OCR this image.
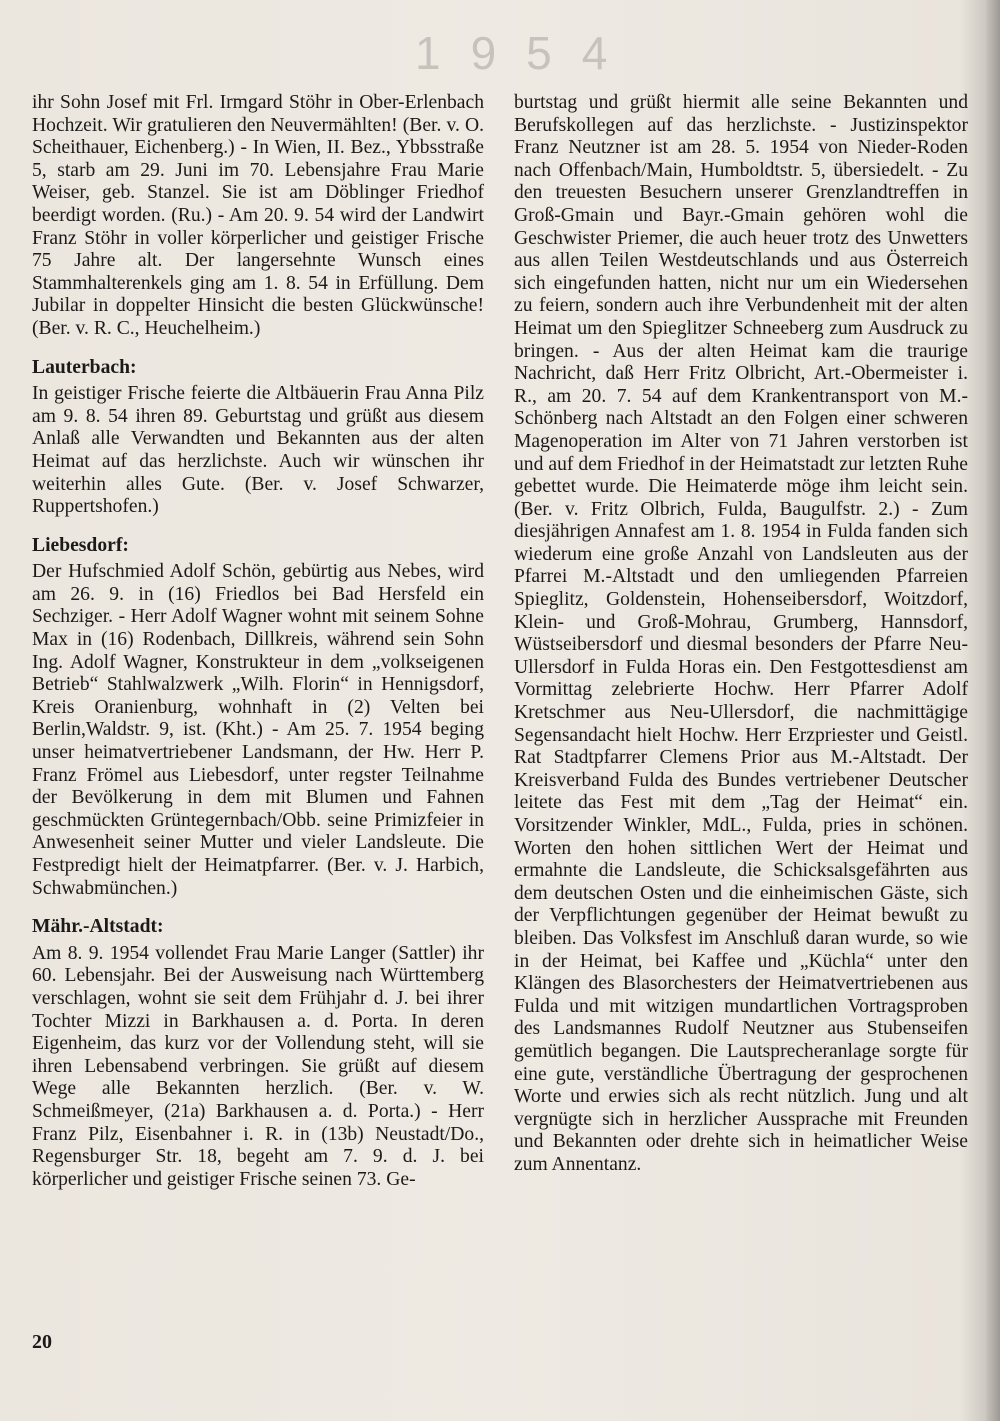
1954

ihr Sohn Josef mit Frl. Irmgard Stöhr in Ober-Erlenbach Hochzeit. Wir gratulieren den Neuvermählten! (Ber. v. O. Scheithauer, Eichenberg.) - In Wien, II. Bez., Ybbsstraße 5, starb am 29. Juni im 70. Lebensjahre Frau Marie Weiser, geb. Stanzel. Sie ist am Döblinger Friedhof beerdigt worden. (Ru.) - Am 20. 9. 54 wird der Landwirt Franz Stöhr in voller körperlicher und geistiger Frische 75 Jahre alt. Der langersehnte Wunsch eines Stammhalterenkels ging am 1. 8. 54 in Erfüllung. Dem Jubilar in doppelter Hinsicht die besten Glückwünsche! (Ber. v. R. C., Heuchelheim.)

Lauterbach:

In geistiger Frische feierte die Altbäuerin Frau Anna Pilz am 9. 8. 54 ihren 89. Geburtstag und grüßt aus diesem Anlaß alle Verwandten und Bekannten aus der alten Heimat auf das herzlichste. Auch wir wünschen ihr weiterhin alles Gute. (Ber. v. Josef Schwarzer, Ruppertshofen.)

Liebesdorf:

Der Hufschmied Adolf Schön, gebürtig aus Nebes, wird am 26. 9. in (16) Friedlos bei Bad Hersfeld ein Sechziger. - Herr Adolf Wagner wohnt mit seinem Sohne Max in (16) Rodenbach, Dillkreis, während sein Sohn Ing. Adolf Wagner, Konstrukteur in dem „volkseigenen Betrieb“ Stahlwalzwerk „Wilh. Florin“ in Hennigsdorf, Kreis Oranienburg, wohnhaft in (2) Velten bei Berlin,Waldstr. 9, ist. (Kht.) - Am 25. 7. 1954 beging unser heimatvertriebener Landsmann, der Hw. Herr P. Franz Frömel aus Liebesdorf, unter regster Teilnahme der Bevölkerung in dem mit Blumen und Fahnen geschmückten Grüntegernbach/Obb. seine Primizfeier in Anwesenheit seiner Mutter und vieler Landsleute. Die Festpredigt hielt der Heimatpfarrer. (Ber. v. J. Harbich, Schwabmünchen.)

Mähr.-Altstadt:

Am 8. 9. 1954 vollendet Frau Marie Langer (Sattler) ihr 60. Lebensjahr. Bei der Ausweisung nach Württemberg verschlagen, wohnt sie seit dem Frühjahr d. J. bei ihrer Tochter Mizzi in Barkhausen a. d. Porta. In deren Eigenheim, das kurz vor der Vollendung steht, will sie ihren Lebensabend verbringen. Sie grüßt auf diesem Wege alle Bekannten herzlich. (Ber. v. W. Schmeißmeyer, (21a) Barkhausen a. d. Porta.) - Herr Franz Pilz, Eisenbahner i. R. in (13b) Neustadt/Do., Regensburger Str. 18, begeht am 7. 9. d. J. bei körperlicher und geistiger Frische seinen 73. Ge-

burtstag und grüßt hiermit alle seine Bekannten und Berufskollegen auf das herzlichste. - Justizinspektor Franz Neutzner ist am 28. 5. 1954 von Nieder-Roden nach Offenbach/Main, Humboldtstr. 5, übersiedelt. - Zu den treuesten Besuchern unserer Grenzlandtreffen in Groß-Gmain und Bayr.-Gmain gehören wohl die Geschwister Priemer, die auch heuer trotz des Unwetters aus allen Teilen Westdeutschlands und aus Österreich sich eingefunden hatten, nicht nur um ein Wiedersehen zu feiern, sondern auch ihre Verbundenheit mit der alten Heimat um den Spieglitzer Schneeberg zum Ausdruck zu bringen. - Aus der alten Heimat kam die traurige Nachricht, daß Herr Fritz Olbricht, Art.-Obermeister i. R., am 20. 7. 54 auf dem Krankentransport von M.-Schönberg nach Altstadt an den Folgen einer schweren Magenoperation im Alter von 71 Jahren verstorben ist und auf dem Friedhof in der Heimatstadt zur letzten Ruhe gebettet wurde. Die Heimaterde möge ihm leicht sein. (Ber. v. Fritz Olbrich, Fulda, Baugulfstr. 2.) - Zum diesjährigen Annafest am 1. 8. 1954 in Fulda fanden sich wiederum eine große Anzahl von Landsleuten aus der Pfarrei M.-Altstadt und den umliegenden Pfarreien Spieglitz, Goldenstein, Hohenseibersdorf, Woitzdorf, Klein- und Groß-Mohrau, Grumberg, Hannsdorf, Wüstseibersdorf und diesmal besonders der Pfarre Neu-Ullersdorf in Fulda Horas ein. Den Festgottesdienst am Vormittag zelebrierte Hochw. Herr Pfarrer Adolf Kretschmer aus Neu-Ullersdorf, die nachmittägige Segensandacht hielt Hochw. Herr Erzpriester und Geistl. Rat Stadtpfarrer Clemens Prior aus M.-Altstadt. Der Kreisverband Fulda des Bundes vertriebener Deutscher leitete das Fest mit dem „Tag der Heimat“ ein. Vorsitzender Winkler, MdL., Fulda, pries in schönen. Worten den hohen sittlichen Wert der Heimat und ermahnte die Landsleute, die Schicksalsgefährten aus dem deutschen Osten und die einheimischen Gäste, sich der Verpflichtungen gegenüber der Heimat bewußt zu bleiben. Das Volksfest im Anschluß daran wurde, so wie in der Heimat, bei Kaffee und „Küchla“ unter den Klängen des Blasorchesters der Heimatvertriebenen aus Fulda und mit witzigen mundartlichen Vortragsproben des Landsmannes Rudolf Neutzner aus Stubenseifen gemütlich begangen. Die Lautsprecheranlage sorgte für eine gute, verständliche Übertragung der gesprochenen Worte und erwies sich als recht nützlich. Jung und alt vergnügte sich in herzlicher Aussprache mit Freunden und Bekannten oder drehte sich in heimatlicher Weise zum Annentanz.

20
